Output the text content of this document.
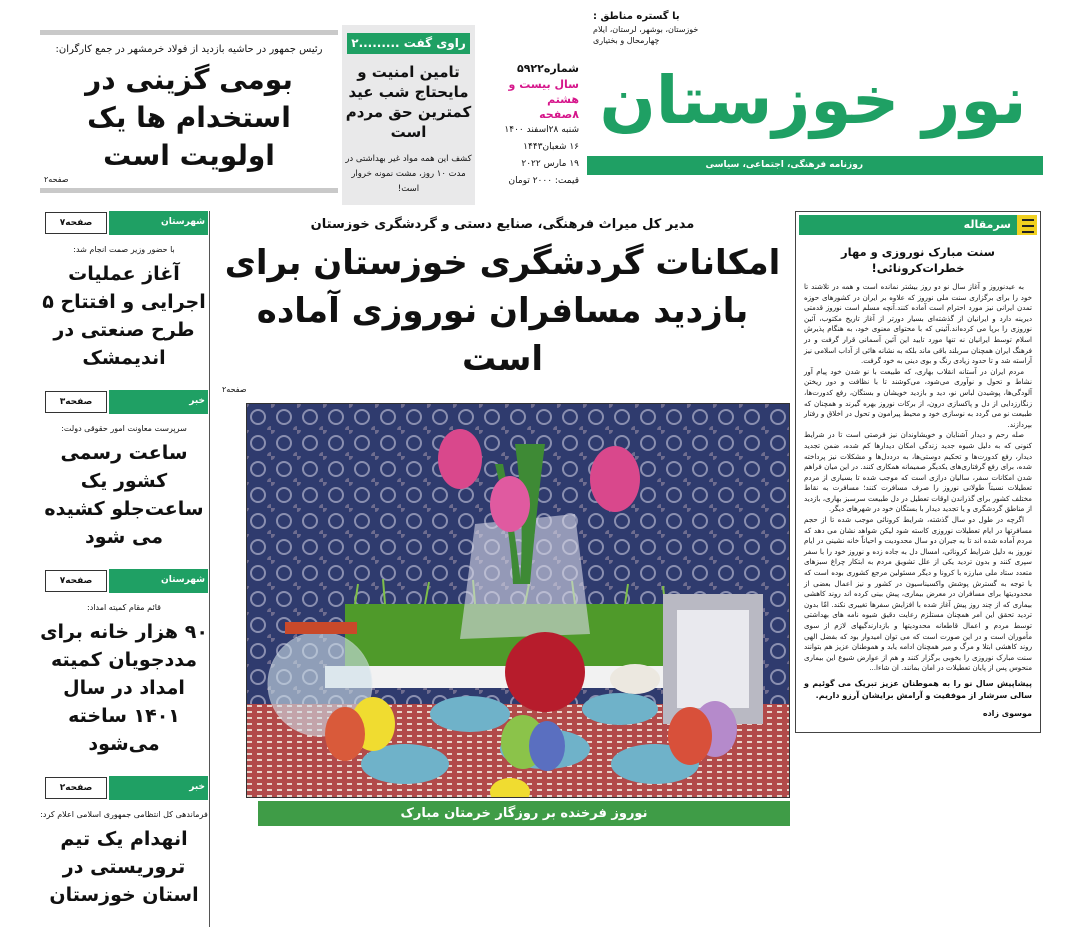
رئیس جمهور در حاشیه بازدید از فولاد خرمشهر در جمع کارگران:
بومی گزینی در استخدام ها یک اولویت است
صفحه۲
راوی گفت .........۲
تامین امنیت و مایحتاج شب عید کمترین حق مردم است
کشف این همه مواد غیر بهداشتی در مدت ۱۰ روز، مشت نمونه خروار است!
شماره۵۹۲۲
سال بیست و هشتم
۸صفحه
شنبه ۲۸اسفند ۱۴۰۰
۱۶ شعبان۱۴۴۳
۱۹ مارس ۲۰۲۲
قیمت: ۲۰۰۰ تومان
با گستره مناطق :
خوزستان، بوشهر، لرستان، ایلام
چهارمحال و بختیاری
نور خوزستان
روزنامه فرهنگی، اجتماعی، سیاسی
صفحه۷	شهرستان
با حضور وزیر صمت انجام شد:
آغاز عملیات اجرایی و افتتاح ۵ طرح صنعتی در اندیمشک
صفحه۳	خبر
سرپرست معاونت امور حقوقی دولت:
ساعت رسمی کشور یک ساعت‌جلو کشیده می شود
صفحه۷	شهرستان
قائم مقام کمیته امداد:
۹۰ هزار خانه برای مددجویان کمیته امداد در سال ۱۴۰۱ ساخته می‌شود
صفحه۲	خبر
فرماندهی کل انتظامی جمهوری اسلامی اعلام کرد:
انهدام یک تیم تروریستی در استان خوزستان
مدیر کل میراث فرهنگی، صنایع دستی و گردشگری خوزستان
امکانات گردشگری خوزستان برای بازدید مسافران نوروزی آماده است
صفحه۲
نوروز فرخنده بر روزگار خرمتان مبارک
سرمقاله
سنت مبارک نوروزی و مهار خطرات‌کرونائی!

به عیدنوروز و آغاز سال نو دو روز بیشتر نمانده است و همه در تلاشند تا خود را برای برگزاری سنت ملی نوروز که علاوه بر ایران در کشورهای حوزه تمدن ایرانی نیز مورد احترام است آماده کنند.آنچه مسلم است نوروز قدمتی دیرینه دارد و ایرانیان از گذشته‌ای بسیار دورتر از آغاز تاریخ مکتوب، آئین نوروزی را برپا می کرده‌اند.آئینی که با محتوای معنوی خود، به هنگام پذیرش اسلام توسط ایرانیان نه تنها مورد تایید این آئین آسمانی قرار گرفت و در فرهنگ ایران همچنان سربلند باقی ماند بلکه به نشانه هائی از آداب اسلامی نیز آراسته شد و تا حدود زیادی رنگ و بوی دینی به خود گرفت.

مردم ایران در آستانه انقلاب بهاری، که طبیعت با نو شدن خود پیام آور نشاط و تحول و نوآوری می‌شود، می‌کوشند تا با نظافت و دور ریختن آلودگی‌ها، پوشیدن لباس نو، دید و بازدید خویشان و بستگان، رفع کدورت‌ها، زنگارزدایی از دل و پاکسازی درون، از برکات نوروز بهره گیرند و همچنان که طبیعت نو می گردد به نوسازی خود و محیط پیرامون و تحول در اخلاق و رفتار بپردازند.

صله رحم و دیدار آشنایان و خویشاوندان نیز فرصتی است تا در شرایط کنونی که به دلیل شیوه جدید زندگی امکان دیدارها کم شده، ضمن تجدید دیدار، رفع کدورت‌ها و تحکیم دوستی‌ها، به درددل‌ها و مشکلات نیز پرداخته شده، برای رفع گرفتاری‌های یکدیگر صمیمانه همکاری کنند. در این میان فراهم شدن امکانات سفر، سالیان درازی است که موجب شده تا بسیاری از مردم تعطیلات نسبتاً طولانی نوروز را صرف مسافرت کنند؛ مسافرت به نقاط مختلف کشور برای گذراندن اوقات تعطیل در دل طبیعت سرسبز بهاری، بازدید از مناطق گردشگری و یا تجدید دیدار با بستگان خود در شهرهای دیگر.

اگرچه در طول دو سال گذشته، شرایط کرونائی موجب شده تا از حجم مسافرتها در ایام تعطیلات نوروزی کاسته شود لیکن شواهد نشان می دهد که مردم آماده شده اند تا به جبران دو سال محدودیت و احیاناً خانه نشینی در ایام نوروز به دلیل شرایط کرونائی، امسال دل به جاده زده و نوروز خود را با سفر سپری کنند و بدون تردید یکی از علل تشویق مردم به ابتکار چراغ سبزهای متعدد ستاد ملی مبارزه با کرونا و دیگر مسئولین مرجع کشوری بوده است که با توجه به گسترش پوشش واکسیناسیون در کشور و نیز اعمال بعضی از محدودیتها برای مسافران در معرض بیماری، پیش بینی کرده اند روند کاهشی بیماری که از چند روز پیش آغاز شده با افزایش سفرها تغییری نکند. امّا بدون تردید تحقق این امر همچنان مستلزم رعایت دقیق شیوه نامه های بهداشتی توسط مردم و اعمال قاطعانه محدودیتها و بازدارندگیهای لازم از سوی مأموران است و در این صورت است که می توان امیدوار بود که بفضل الهی روند کاهشی ابتلا و مرگ و میر همچنان ادامه یابد و هموطنان عزیز هم بتوانند سنت مبارک نوروزی را بخوبی برگزار کنند و هم از عوارض شیوع این بیماری منحوس پس از پایان تعطیلات در امان بمانند. ان شاءا...

پیشاپیش سال نو را به هموطنان عزیز تبریک می گوئیم و سالی سرشار از موفقیت و آرامش برایشان آرزو داریم.
موسوی زاده
